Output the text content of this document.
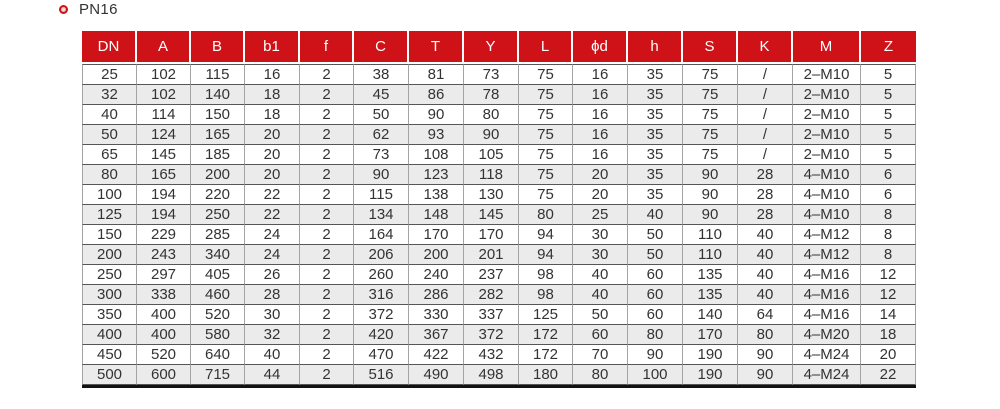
PN16
DN	A	B	b1	f	C	T	Y	L	ϕd	h	S	K	M	Z
25	102	115	16	2	38	81	73	75	16	35	75	/	2–M10	5
32	102	140	18	2	45	86	78	75	16	35	75	/	2–M10	5
40	114	150	18	2	50	90	80	75	16	35	75	/	2–M10	5
50	124	165	20	2	62	93	90	75	16	35	75	/	2–M10	5
65	145	185	20	2	73	108	105	75	16	35	75	/	2–M10	5
80	165	200	20	2	90	123	118	75	20	35	90	28	4–M10	6
100	194	220	22	2	115	138	130	75	20	35	90	28	4–M10	6
125	194	250	22	2	134	148	145	80	25	40	90	28	4–M10	8
150	229	285	24	2	164	170	170	94	30	50	110	40	4–M12	8
200	243	340	24	2	206	200	201	94	30	50	110	40	4–M12	8
250	297	405	26	2	260	240	237	98	40	60	135	40	4–M16	12
300	338	460	28	2	316	286	282	98	40	60	135	40	4–M16	12
350	400	520	30	2	372	330	337	125	50	60	140	64	4–M16	14
400	400	580	32	2	420	367	372	172	60	80	170	80	4–M20	18
450	520	640	40	2	470	422	432	172	70	90	190	90	4–M24	20
500	600	715	44	2	516	490	498	180	80	100	190	90	4–M24	22
